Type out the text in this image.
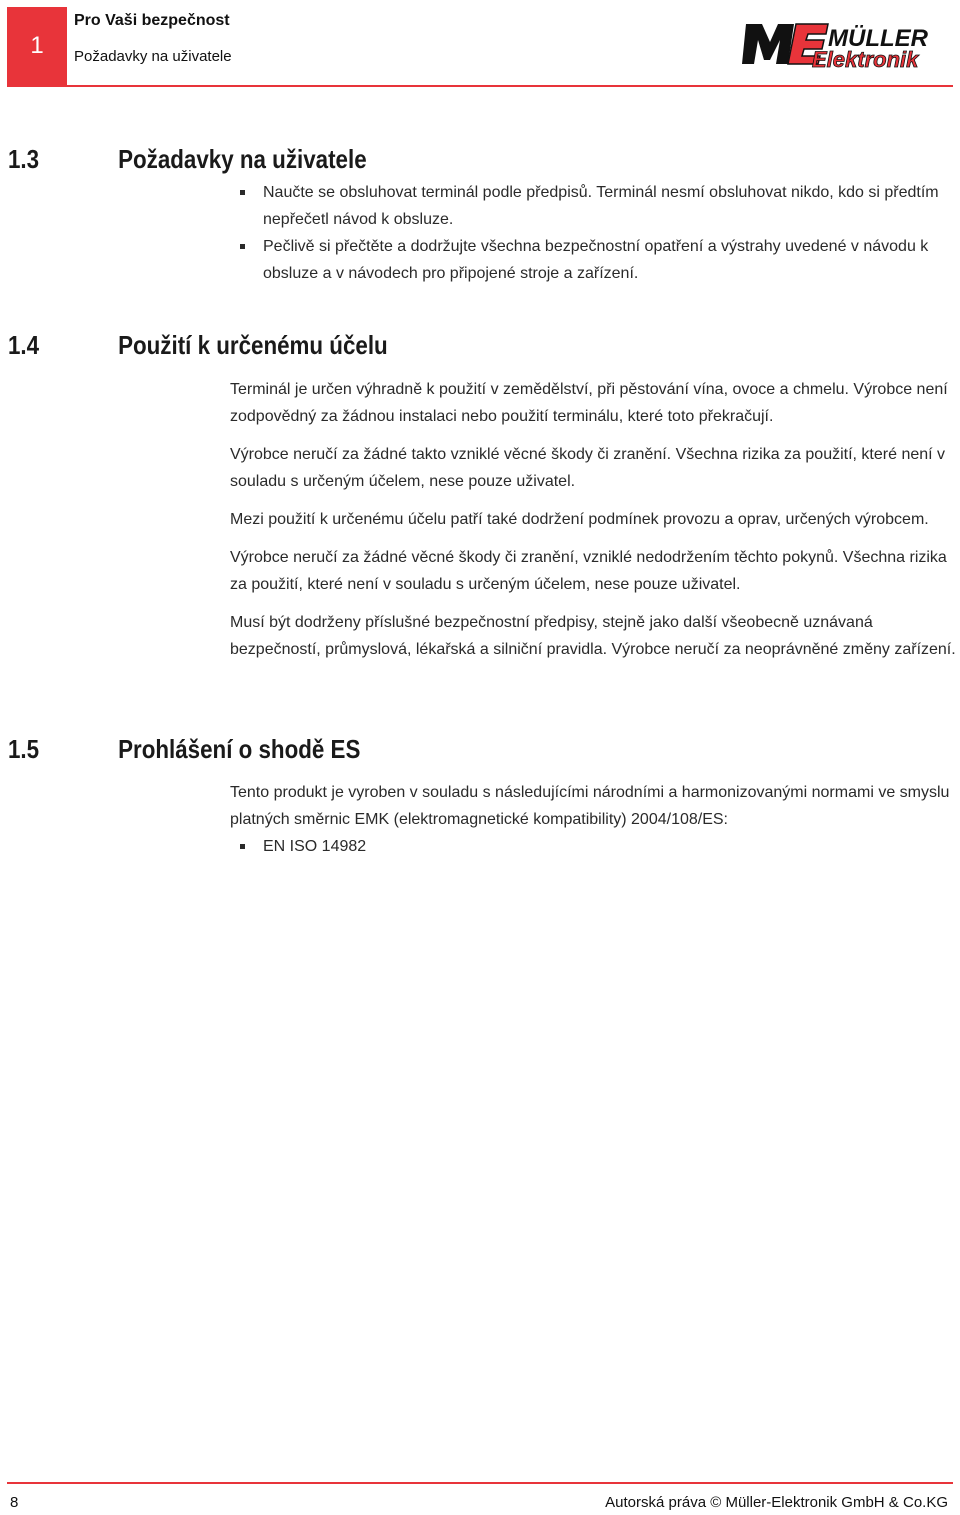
1
Pro Vaši bezpečnost
Požadavky na uživatele
MÜLLER
Elektronik
1.3	Požadavky na uživatele
Naučte se obsluhovat terminál podle předpisů. Terminál nesmí obsluhovat nikdo, kdo si předtím nepřečetl návod k obsluze.
Pečlivě si přečtěte a dodržujte všechna bezpečnostní opatření a výstrahy uvedené v návodu k obsluze a v návodech pro připojené stroje a zařízení.
1.4	Použití k určenému účelu

Terminál je určen výhradně k použití v zemědělství, při pěstování vína, ovoce a chmelu. Výrobce není zodpovědný za žádnou instalaci nebo použití terminálu, které toto překračují.

Výrobce neručí za žádné takto vzniklé věcné škody či zranění. Všechna rizika za použití, které není v souladu s určeným účelem, nese pouze uživatel.

Mezi použití k určenému účelu patří také dodržení podmínek provozu a oprav, určených výrobcem.

Výrobce neručí za žádné věcné škody či zranění, vzniklé nedodržením těchto pokynů. Všechna rizika za použití, které není v souladu s určeným účelem, nese pouze uživatel.

Musí být dodrženy příslušné bezpečnostní předpisy, stejně jako další všeobecně uznávaná bezpečností, průmyslová, lékařská a silniční pravidla. Výrobce neručí za neoprávněné změny zařízení.

1.5	Prohlášení o shodě ES

Tento produkt je vyroben v souladu s následujícími národními a harmonizovanými normami ve smyslu platných směrnic EMK (elektromagnetické kompatibility) 2004/108/ES:

EN ISO 14982
8	Autorská práva © Müller-Elektronik GmbH & Co.KG
